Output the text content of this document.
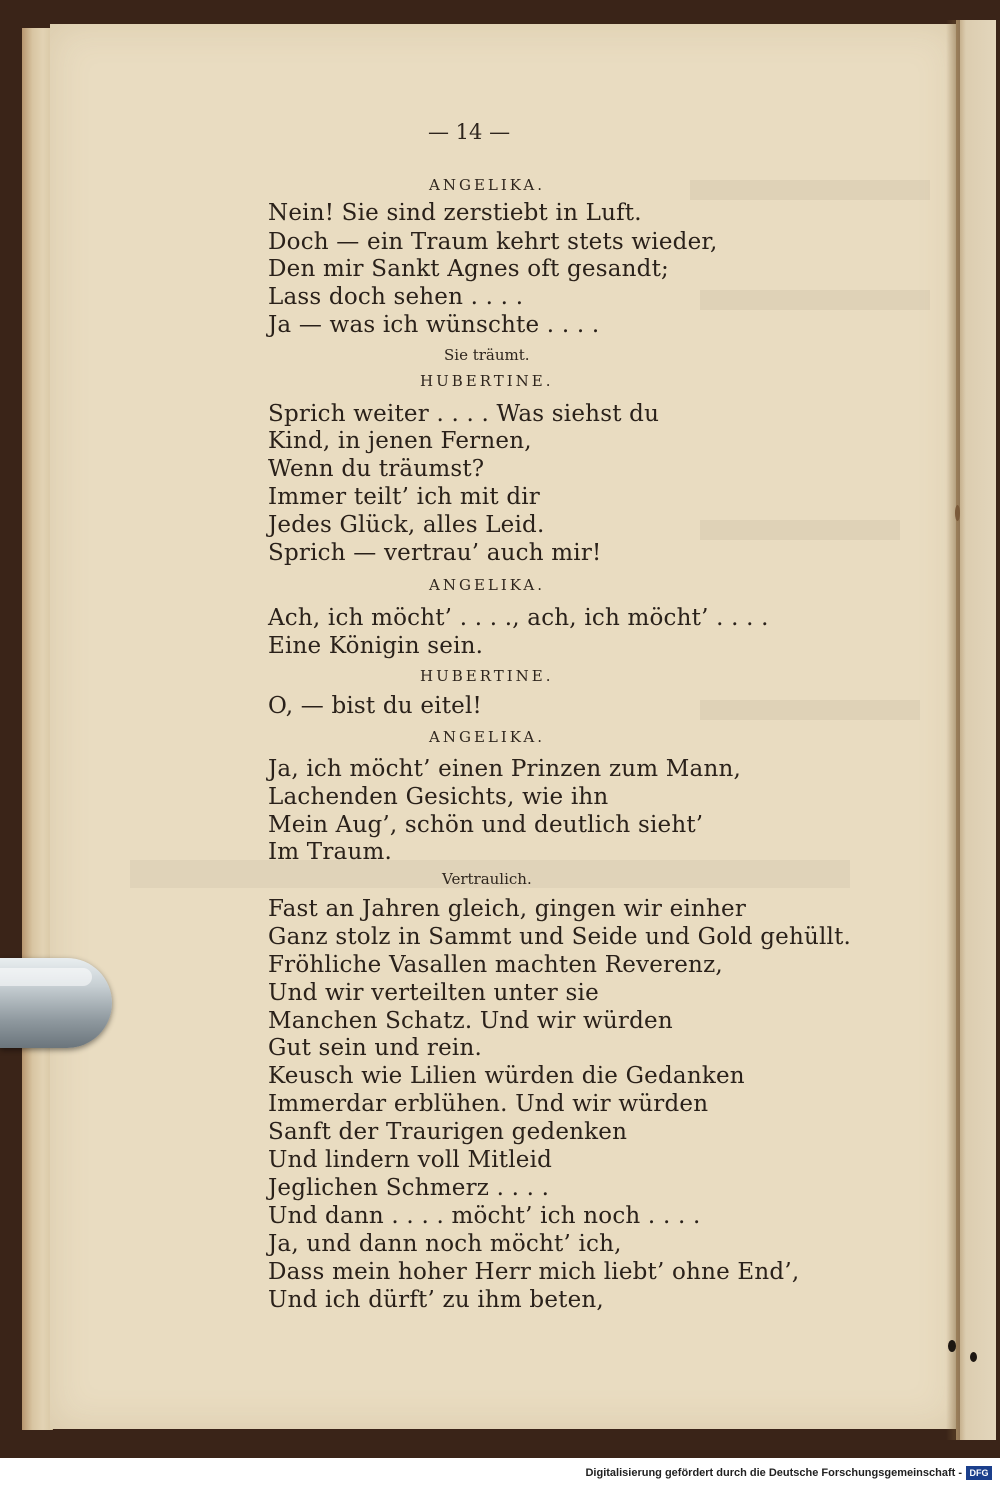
— 14 —
ANGELIKA.
Nein! Sie sind zerstiebt in Luft.
Doch — ein Traum kehrt stets wieder,
Den mir Sankt Agnes oft gesandt;
Lass doch sehen . . . .
Ja — was ich wünschte . . . .
Sie träumt.
HUBERTINE.
Sprich weiter . . . . Was siehst du
Kind, in jenen Fernen,
Wenn du träumst?
Immer teilt’ ich mit dir
Jedes Glück, alles Leid.
Sprich — vertrau’ auch mir!
ANGELIKA.
Ach, ich möcht’ . . . ., ach, ich möcht’ . . . .
Eine Königin sein.
HUBERTINE.
O, — bist du eitel!
ANGELIKA.
Ja, ich möcht’ einen Prinzen zum Mann,
Lachenden Gesichts, wie ihn
Mein Aug’, schön und deutlich sieht’
Im Traum.
Vertraulich.
Fast an Jahren gleich, gingen wir einher
Ganz stolz in Sammt und Seide und Gold gehüllt.
Fröhliche Vasallen machten Reverenz,
Und wir verteilten unter sie
Manchen Schatz. Und wir würden
Gut sein und rein.
Keusch wie Lilien würden die Gedanken
Immerdar erblühen. Und wir würden
Sanft der Traurigen gedenken
Und lindern voll Mitleid
Jeglichen Schmerz . . . .
Und dann . . . . möcht’ ich noch . . . .
Ja, und dann noch möcht’ ich,
Dass mein hoher Herr mich liebt’ ohne End’,
Und ich dürft’ zu ihm beten,
Digitalisierung gefördert durch die Deutsche Forschungsgemeinschaft - DFG
